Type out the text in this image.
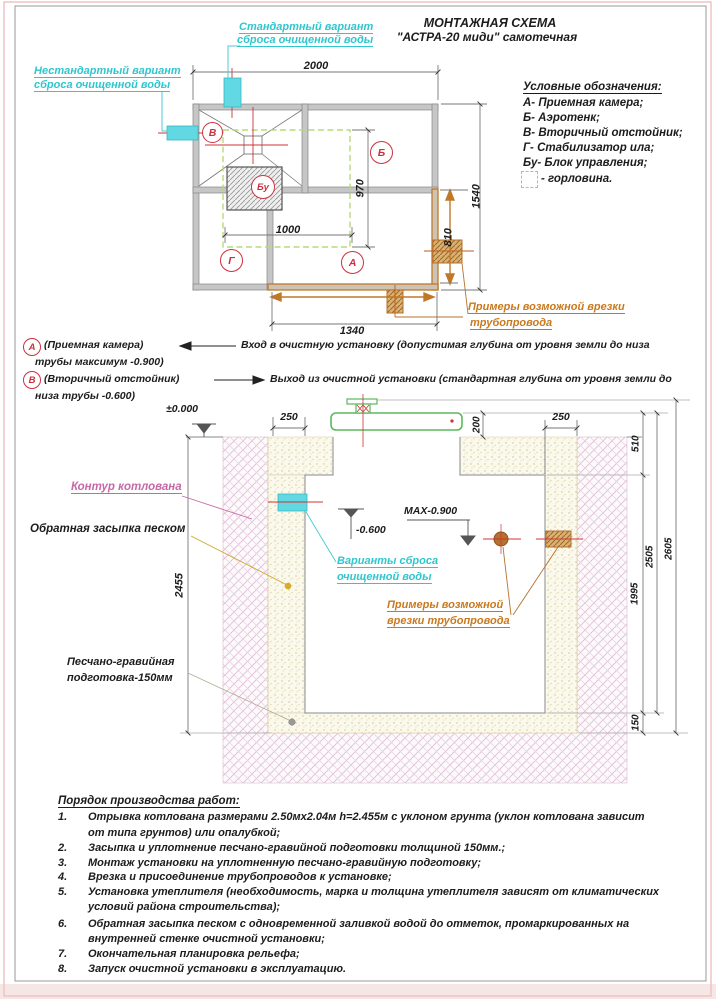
МОНТАЖНАЯ СХЕМА
"АСТРА-20 миди" самотечная
Стандартный вариант
сброса очищенной воды
Нестандартный вариант
сброса очищенной воды
2000
970	1540
810
1000
1340
В
Б
Бу
Г	А
Условные обозначения:
А- Приемная камера;
Б- Аэротенк;
В- Вторичный отстойник;
Г- Стабилизатор ила;
Бу- Блок управления;
- горловина.
Примеры возможной врезки
трубопровода
А (Приемная камера)	Вход в очистную установку (допустимая глубина от уровня земли до низа
трубы максимум -0.900)
В (Вторичный отстойник)	Выход из очистной установки (стандартная глубина от уровня земли до
низа трубы -0.600)
±0.000
250	250
200
MAX-0.900
-0.600
2455
510
1995
150
2505 2605
Контур котлована
Обратная засыпка песком
Варианты сброса
очищенной воды
Примеры возможной
врезки трубопровода
Песчано-гравийная
подготовка-150мм
Порядок производства работ:
1. Отрывка котлована размерами 2.50мх2.04м h=2.455м с уклоном грунта (уклон котлована зависит
от типа грунтов) или опалубкой;
2. Засыпка и уплотнение песчано-гравийной подготовки толщиной 150мм.;
3. Монтаж установки на уплотненную песчано-гравийную подготовку;
4. Врезка и присоединение трубопроводов к установке;
5. Установка утеплителя (необходимость, марка и толщина утеплителя зависят от климатических
условий района строительства);
6. Обратная засыпка песком с одновременной заливкой водой до отметок, промаркированных на
внутренней стенке очистной установки;
7. Окончательная планировка рельефа;
8. Запуск очистной установки в эксплуатацию.
